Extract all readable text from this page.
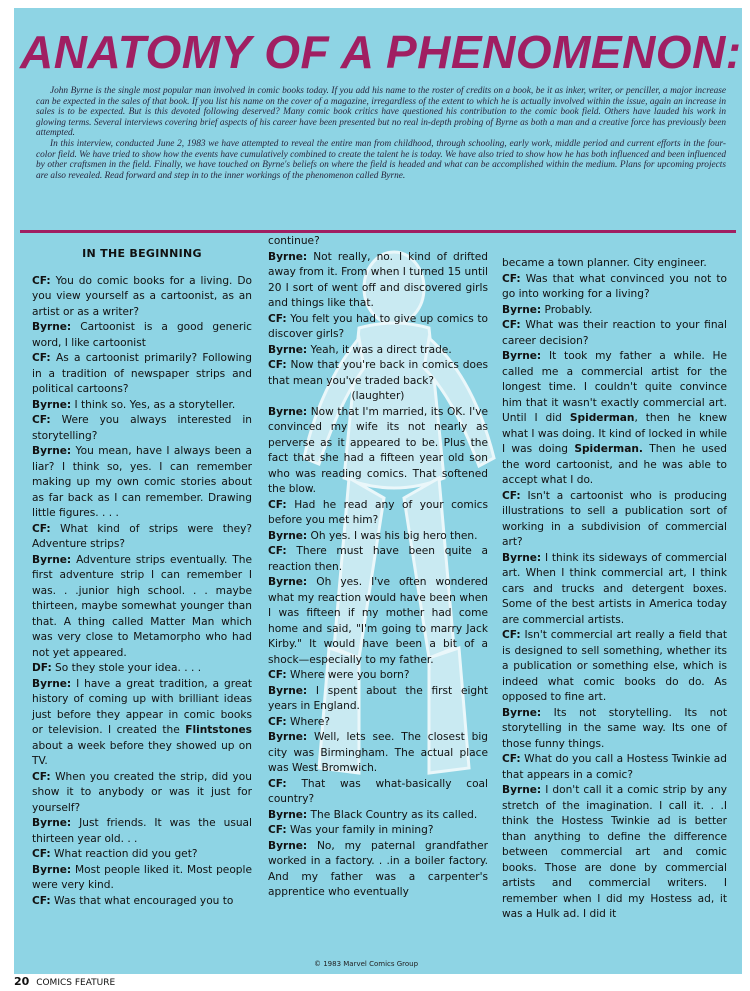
ANATOMY OF A PHENOMENON:

John Byrne is the single most popular man involved in comic books today. If you add his name to the roster of credits on a book, be it as inker, writer, or penciller, a major increase can be expected in the sales of that book. If you list his name on the cover of a magazine, irregardless of the extent to which he is actually involved within the issue, again an increase in sales is to be expected. But is this devoted following deserved? Many comic book critics have questioned his contribution to the comic book field. Others have lauded his work in glowing terms. Several interviews covering brief aspects of his career have been presented but no real in-depth probing of Byrne as both a man and a creative force has previously been attempted.

In this interview, conducted June 2, 1983 we have attempted to reveal the entire man from childhood, through schooling, early work, middle period and current efforts in the four-color field. We have tried to show how the events have cumulatively combined to create the talent he is today. We have also tried to show how he has both influenced and been influenced by other craftsmen in the field. Finally, we have touched on Byrne's beliefs on where the field is headed and what can be accomplished within the medium. Plans for upcoming projects are also revealed. Read forward and step in to the inner workings of the phenomenon called Byrne.

IN THE BEGINNING

CF: You do comic books for a living. Do you view yourself as a cartoonist, as an artist or as a writer?

Byrne: Cartoonist is a good generic word, I like cartoonist

CF: As a cartoonist primarily? Following in a tradition of newspaper strips and political cartoons?

Byrne: I think so. Yes, as a storyteller.

CF: Were you always interested in storytelling?

Byrne: You mean, have I always been a liar? I think so, yes. I can remember making up my own comic stories about as far back as I can remember. Drawing little figures. . . .

CF: What kind of strips were they? Adventure strips?

Byrne: Adventure strips eventually. The first adventure strip I can remember I was. . .junior high school. . . maybe thirteen, maybe somewhat younger than that. A thing called Matter Man which was very close to Metamorpho who had not yet appeared.

DF: So they stole your idea. . . .

Byrne: I have a great tradition, a great history of coming up with brilliant ideas just before they appear in comic books or television. I created the Flintstones about a week before they showed up on TV.

CF: When you created the strip, did you show it to anybody or was it just for yourself?

Byrne: Just friends. It was the usual thirteen year old. . .

CF: What reaction did you get?

Byrne: Most people liked it. Most people were very kind.

CF: Was that what encouraged you to

continue?

Byrne: Not really, no. I kind of drifted away from it. From when I turned 15 until 20 I sort of went off and discovered girls and things like that.

CF: You felt you had to give up comics to discover girls?

Byrne: Yeah, it was a direct trade.

CF: Now that you're back in comics does that mean you've traded back?

(laughter)

Byrne: Now that I'm married, its OK. I've convinced my wife its not nearly as perverse as it appeared to be. Plus the fact that she had a fifteen year old son who was reading comics. That softened the blow.

CF: Had he read any of your comics before you met him?

Byrne: Oh yes. I was his big hero then.

CF: There must have been quite a reaction then.

Byrne: Oh yes. I've often wondered what my reaction would have been when I was fifteen if my mother had come home and said, "I'm going to marry Jack Kirby." It would have been a bit of a shock—especially to my father.

CF: Where were you born?

Byrne: I spent about the first eight years in England.

CF: Where?

Byrne: Well, lets see. The closest big city was Birmingham. The actual place was West Bromwich.

CF: That was what-basically coal country?

Byrne: The Black Country as its called.

CF: Was your family in mining?

Byrne: No, my paternal grandfather worked in a factory. . .in a boiler factory. And my father was a carpenter's apprentice who eventually

became a town planner. City engineer.

CF: Was that what convinced you not to go into working for a living?

Byrne: Probably.

CF: What was their reaction to your final career decision?

Byrne: It took my father a while. He called me a commercial artist for the longest time. I couldn't quite convince him that it wasn't exactly commercial art. Until I did Spiderman, then he knew what I was doing. It kind of locked in while I was doing Spiderman. Then he used the word cartoonist, and he was able to accept what I do.

CF: Isn't a cartoonist who is producing illustrations to sell a publication sort of working in a subdivision of commercial art?

Byrne: I think its sideways of commercial art. When I think commercial art, I think cars and trucks and detergent boxes. Some of the best artists in America today are commercial artists.

CF: Isn't commercial art really a field that is designed to sell something, whether its a publication or something else, which is indeed what comic books do do. As opposed to fine art.

Byrne: Its not storytelling. Its not storytelling in the same way. Its one of those funny things.

CF: What do you call a Hostess Twinkie ad that appears in a comic?

Byrne: I don't call it a comic strip by any stretch of the imagination. I call it. . .I think the Hostess Twinkie ad is better than anything to define the difference between commercial art and comic books. Those are done by commercial artists and commercial writers. I remember when I did my Hostess ad, it was a Hulk ad. I did it

© 1983 Marvel Comics Group
20 COMICS FEATURE
